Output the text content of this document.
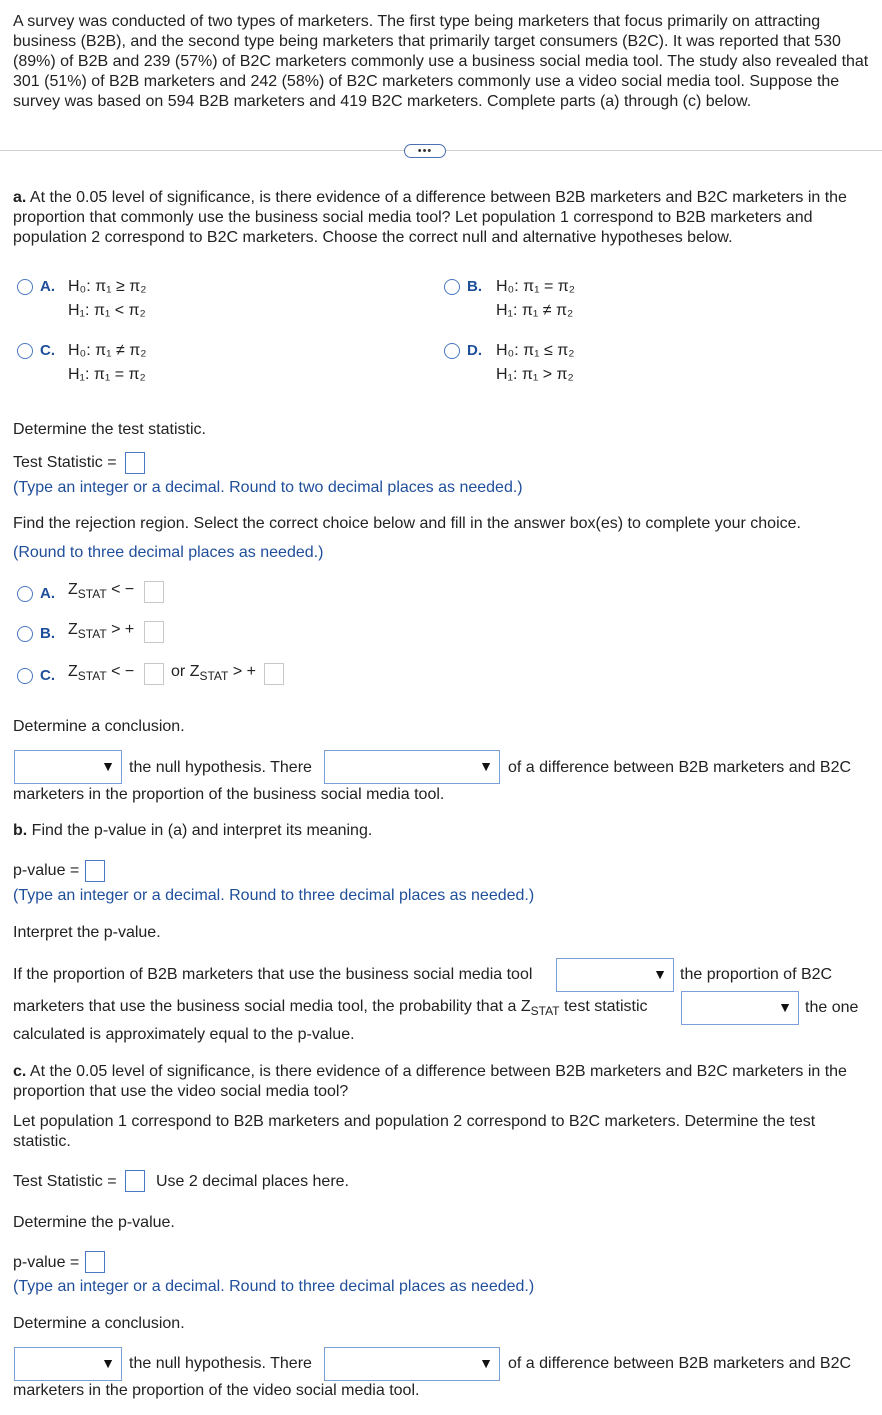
A survey was conducted of two types of marketers. The first type being marketers that focus primarily on attracting business (B2B), and the second type being marketers that primarily target consumers (B2C). It was reported that 530 (89%) of B2B and 239 (57%) of B2C marketers commonly use a business social media tool. The study also revealed that 301 (51%) of B2B marketers and 242 (58%) of B2C marketers commonly use a video social media tool. Suppose the survey was based on 594 B2B marketers and 419 B2C marketers. Complete parts (a) through (c) below.
•••
a. At the 0.05 level of significance, is there evidence of a difference between B2B marketers and B2C marketers in the proportion that commonly use the business social media tool? Let population 1 correspond to B2B marketers and population 2 correspond to B2C marketers. Choose the correct null and alternative hypotheses below.
A. H₀: π₁ ≥ π₂
H₁: π₁ < π₂
B. H₀: π₁ = π₂
H₁: π₁ ≠ π₂
C. H₀: π₁ ≠ π₂
H₁: π₁ = π₂
D. H₀: π₁ ≤ π₂
H₁: π₁ > π₂
Determine the test statistic.
Test Statistic =
(Type an integer or a decimal. Round to two decimal places as needed.)
Find the rejection region. Select the correct choice below and fill in the answer box(es) to complete your choice.
(Round to three decimal places as needed.)
A. $Z_{STAT}$ < −
B. $Z_{STAT}$ > +
C. $Z_{STAT}$ < − or $Z_{STAT}$ > +
Determine a conclusion.
▼ the null hypothesis. There	▼ of a difference between B2B marketers and B2C
marketers in the proportion of the business social media tool.
b. Find the p-value in (a) and interpret its meaning.
p-value =
(Type an integer or a decimal. Round to three decimal places as needed.)
Interpret the p-value.
If the proportion of B2B marketers that use the business social media tool	▼ the proportion of B2C
marketers that use the business social media tool, the probability that a $Z_{STAT}$ test statistic	▼ the one
calculated is approximately equal to the p-value.
c. At the 0.05 level of significance, is there evidence of a difference between B2B marketers and B2C marketers in the proportion that use the video social media tool?
Let population 1 correspond to B2B marketers and population 2 correspond to B2C marketers. Determine the test statistic.
Test Statistic = Use 2 decimal places here.
Determine the p-value.
p-value =
(Type an integer or a decimal. Round to three decimal places as needed.)
Determine a conclusion.
▼ the null hypothesis. There	▼ of a difference between B2B marketers and B2C
marketers in the proportion of the video social media tool.
